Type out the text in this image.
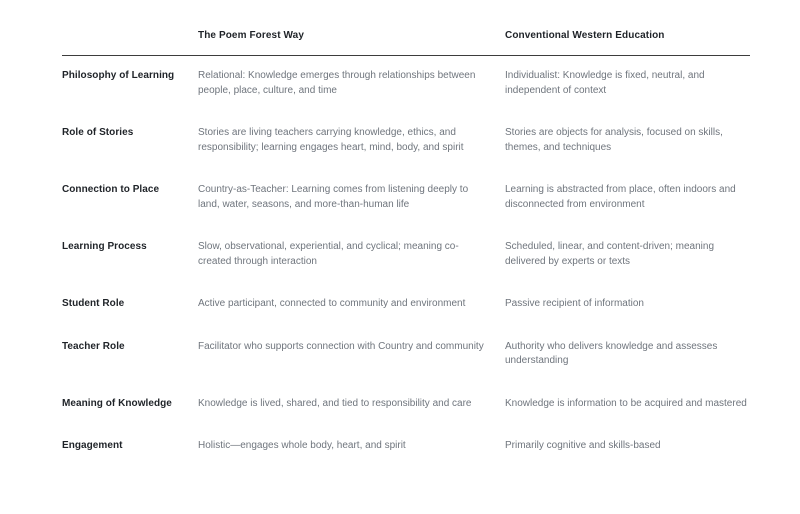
	The Poem Forest Way	Conventional Western Education
Philosophy of Learning	Relational: Knowledge emerges through relationships between people, place, culture, and time	Individualist: Knowledge is fixed, neutral, and independent of context
Role of Stories	Stories are living teachers carrying knowledge, ethics, and responsibility; learning engages heart, mind, body, and spirit	Stories are objects for analysis, focused on skills, themes, and techniques
Connection to Place	Country-as-Teacher: Learning comes from listening deeply to land, water, seasons, and more-than-human life	Learning is abstracted from place, often indoors and disconnected from environment
Learning Process	Slow, observational, experiential, and cyclical; meaning co-created through interaction	Scheduled, linear, and content-driven; meaning delivered by experts or texts
Student Role	Active participant, connected to community and environment	Passive recipient of information
Teacher Role	Facilitator who supports connection with Country and community	Authority who delivers knowledge and assesses understanding
Meaning of Knowledge	Knowledge is lived, shared, and tied to responsibility and care	Knowledge is information to be acquired and mastered
Engagement	Holistic—engages whole body, heart, and spirit	Primarily cognitive and skills-based
